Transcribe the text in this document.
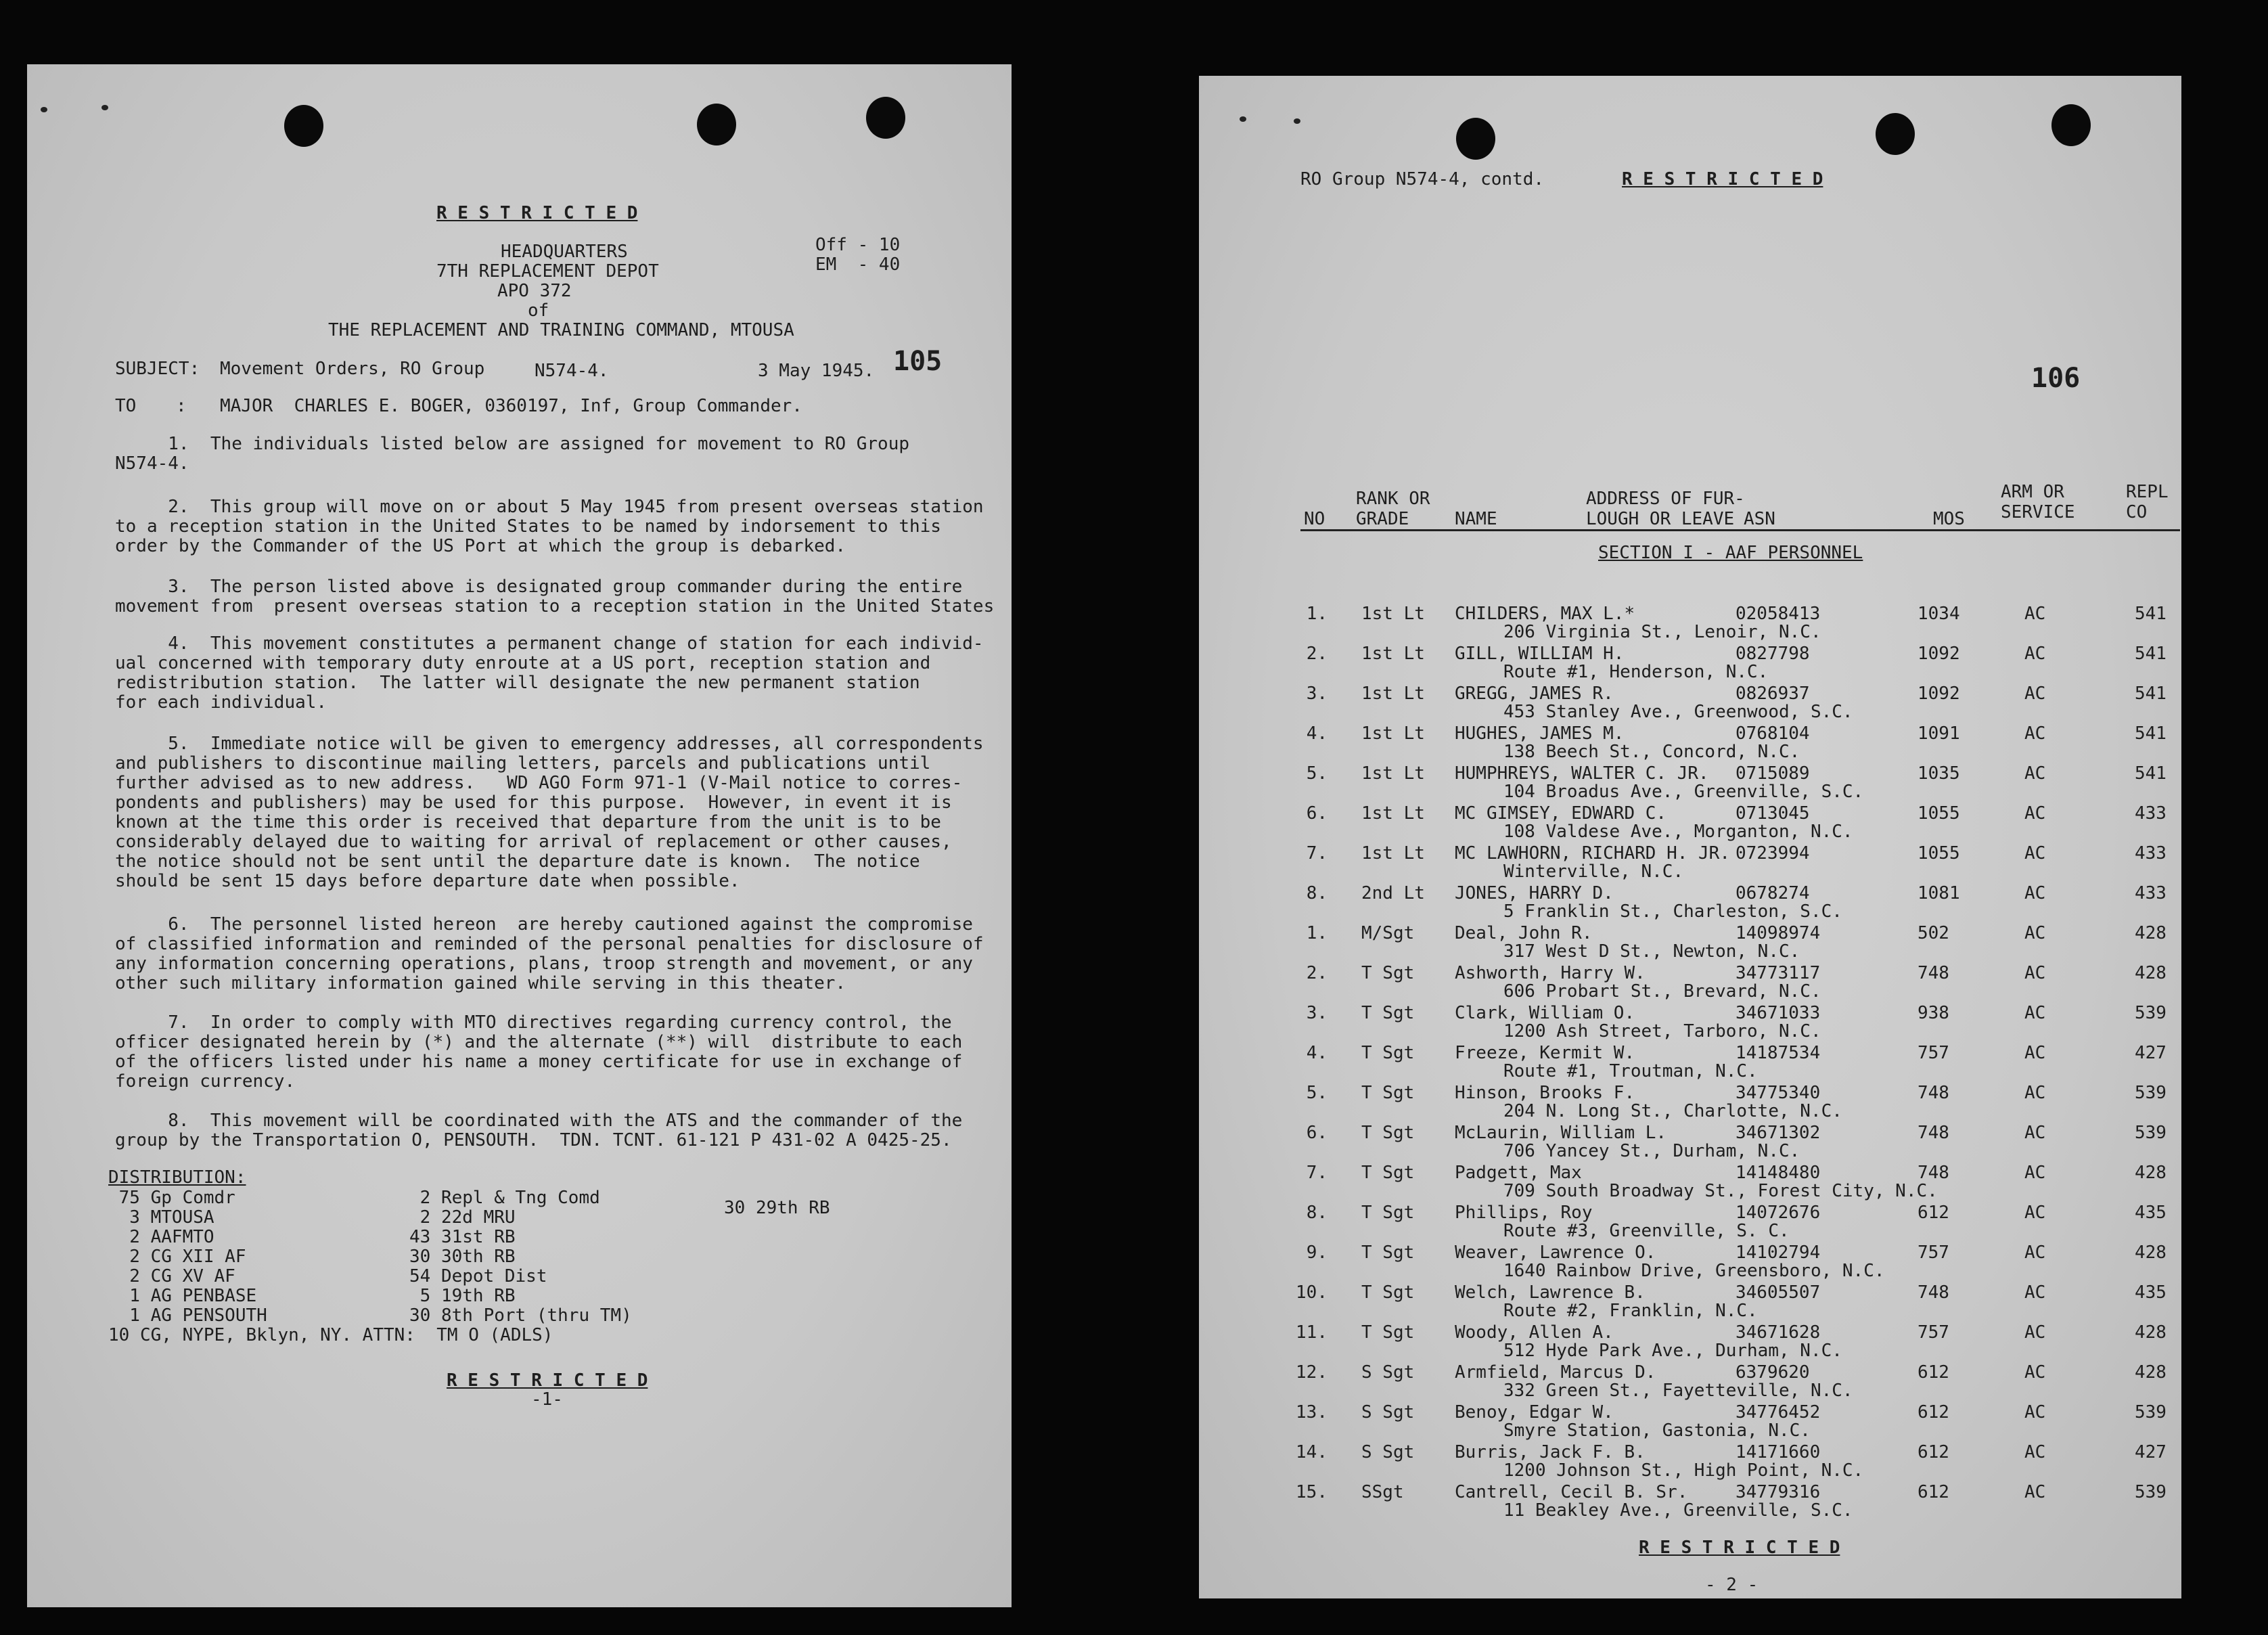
R E S T R I C T E D
HEADQUARTERS
7TH REPLACEMENT DEPOT
APO 372
of
THE REPLACEMENT AND TRAINING COMMAND, MTOUSA
Off - 10
EM  - 40
SUBJECT: Movement Orders, RO Group	N574-4.	3 May 1945. 105
TO : MAJOR  CHARLES E. BOGER, 0360197, Inf, Group Commander.
1.  The individuals listed below are assigned for movement to RO Group
N574-4.
2.  This group will move on or about 5 May 1945 from present overseas station
to a reception station in the United States to be named by indorsement to this
order by the Commander of the US Port at which the group is debarked.
3.  The person listed above is designated group commander during the entire
movement from  present overseas station to a reception station in the United States
4.  This movement constitutes a permanent change of station for each individ-
ual concerned with temporary duty enroute at a US port, reception station and
redistribution station.  The latter will designate the new permanent station
for each individual.
5.  Immediate notice will be given to emergency addresses, all correspondents
and publishers to discontinue mailing letters, parcels and publications until
further advised as to new address.   WD AGO Form 971-1 (V-Mail notice to corres-
pondents and publishers) may be used for this purpose.  However, in event it is
known at the time this order is received that departure from the unit is to be
considerably delayed due to waiting for arrival of replacement or other causes,
the notice should not be sent until the departure date is known.  The notice
should be sent 15 days before departure date when possible.
6.  The personnel listed hereon  are hereby cautioned against the compromise
of classified information and reminded of the personal penalties for disclosure of
any information concerning operations, plans, troop strength and movement, or any
other such military information gained while serving in this theater.
7.  In order to comply with MTO directives regarding currency control, the
officer designated herein by (*) and the alternate (**) will  distribute to each
of the officers listed under his name a money certificate for use in exchange of
foreign currency.
8.  This movement will be coordinated with the ATS and the commander of the
group by the Transportation O, PENSOUTH.  TDN. TCNT. 61-121 P 431-02 A 0425-25.
DISTRIBUTION:
75 Gp Comdr
3 MTOUSA
2 AAFMTO
2 CG XII AF
2 CG XV AF
1 AG PENBASE
1 AG PENSOUTH
10 CG, NYPE, Bklyn, NY. ATTN:  TM O (ADLS)
2 Repl & Tng Comd
2 22d MRU
43 31st RB
30 30th RB
54 Depot Dist
5 19th RB
30 8th Port (thru TM)
30 29th RB
R E S T R I C T E D
-1-
RO Group N574-4, contd.	R E S T R I C T E D
106
NO
RANK OR
GRADE	NAME
ADDRESS OF FUR-
LOUGH OR LEAVE ASN	MOS
ARM OR
SERVICE
REPL
CO
SECTION I - AAF PERSONNEL
1. 1st Lt CHILDERS, MAX L.*	02058413	1034	AC	541
206 Virginia St., Lenoir, N.C.
2. 1st Lt GILL, WILLIAM H.	0827798	1092	AC	541
Route #1, Henderson, N.C.
3. 1st Lt GREGG, JAMES R.	0826937	1092	AC	541
453 Stanley Ave., Greenwood, S.C.
4. 1st Lt HUGHES, JAMES M.	0768104	1091	AC	541
138 Beech St., Concord, N.C.
5. 1st Lt HUMPHREYS, WALTER C. JR. 0715089	1035	AC	541
104 Broadus Ave., Greenville, S.C.
6. 1st Lt MC GIMSEY, EDWARD C.	0713045	1055	AC	433
108 Valdese Ave., Morganton, N.C.
7. 1st Lt MC LAWHORN, RICHARD H. JR. 0723994	1055	AC	433
Winterville, N.C.
8. 2nd Lt JONES, HARRY D.	0678274	1081	AC	433
5 Franklin St., Charleston, S.C.
1. M/Sgt Deal, John R.	14098974	502	AC	428
317 West D St., Newton, N.C.
2. T Sgt Ashworth, Harry W.	34773117	748	AC	428
606 Probart St., Brevard, N.C.
3. T Sgt Clark, William O.	34671033	938	AC	539
1200 Ash Street, Tarboro, N.C.
4. T Sgt Freeze, Kermit W.	14187534	757	AC	427
Route #1, Troutman, N.C.
5. T Sgt Hinson, Brooks F.	34775340	748	AC	539
204 N. Long St., Charlotte, N.C.
6. T Sgt McLaurin, William L.	34671302	748	AC	539
706 Yancey St., Durham, N.C.
7. T Sgt Padgett, Max	14148480	748	AC	428
709 South Broadway St., Forest City, N.C.
8. T Sgt Phillips, Roy	14072676	612	AC	435
Route #3, Greenville, S. C.
9. T Sgt Weaver, Lawrence O.	14102794	757	AC	428
1640 Rainbow Drive, Greensboro, N.C.
10. T Sgt Welch, Lawrence B.	34605507	748	AC	435
Route #2, Franklin, N.C.
11. T Sgt Woody, Allen A.	34671628	757	AC	428
512 Hyde Park Ave., Durham, N.C.
12. S Sgt Armfield, Marcus D.	6379620	612	AC	428
332 Green St., Fayetteville, N.C.
13. S Sgt Benoy, Edgar W.	34776452	612	AC	539
Smyre Station, Gastonia, N.C.
14. S Sgt Burris, Jack F. B.	14171660	612	AC	427
1200 Johnson St., High Point, N.C.
15. SSgt	Cantrell, Cecil B. Sr.	34779316	612	AC	539
11 Beakley Ave., Greenville, S.C.
R E S T R I C T E D
- 2 -
